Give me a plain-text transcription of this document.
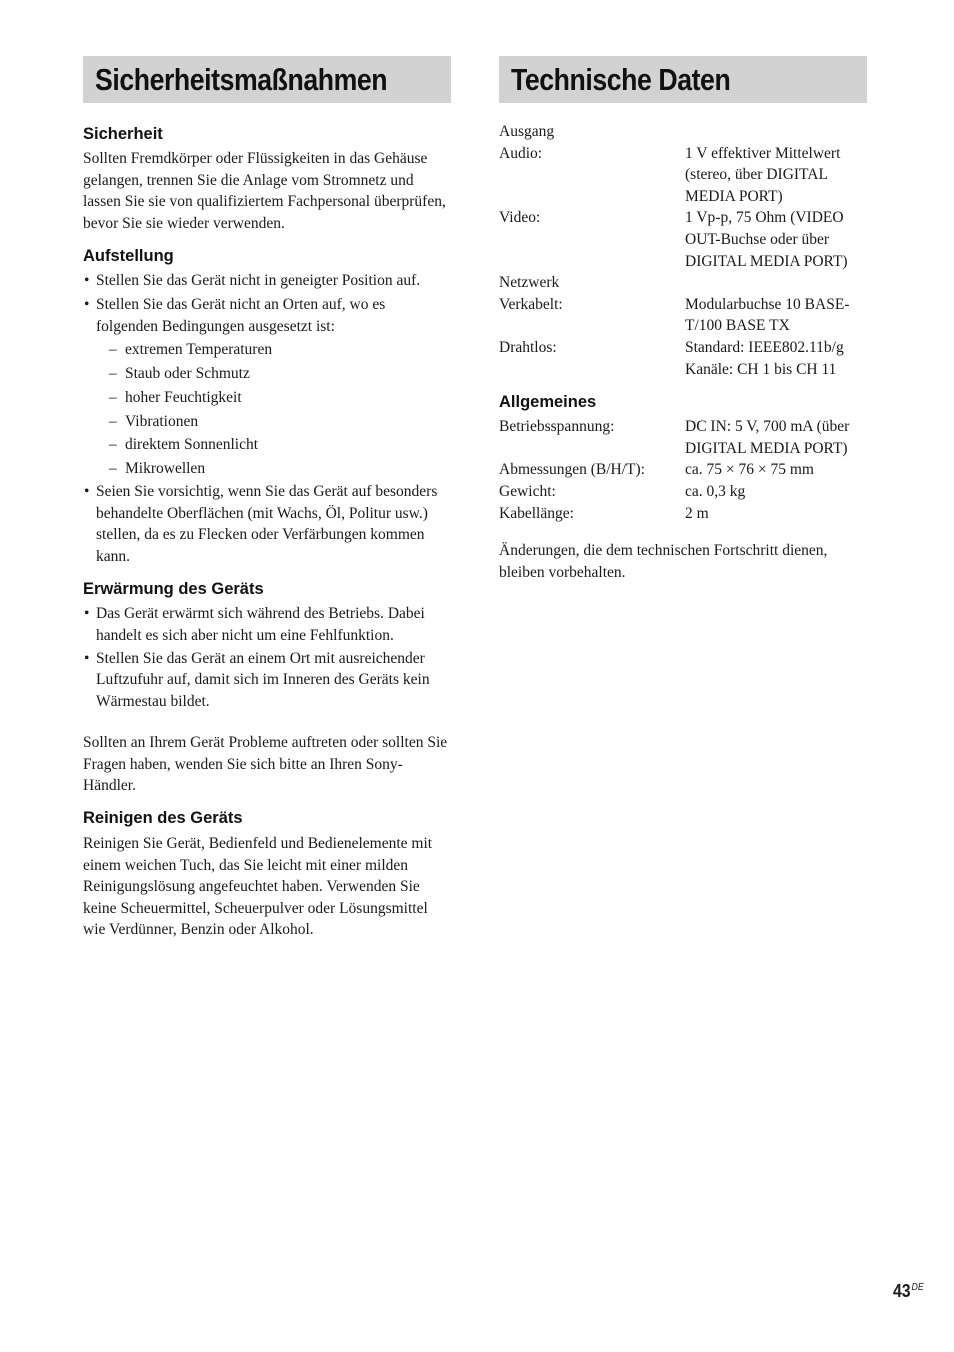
Sicherheitsmaßnahmen
Sicherheit

Sollten Fremdkörper oder Flüssigkeiten in das Gehäuse gelangen, trennen Sie die Anlage vom Stromnetz und lassen Sie sie von qualifiziertem Fachpersonal überprüfen, bevor Sie sie wieder verwenden.

Aufstellung
• Stellen Sie das Gerät nicht in geneigter Position auf.
• Stellen Sie das Gerät nicht an Orten auf, wo es folgenden Bedingungen ausgesetzt ist:
– extremen Temperaturen
– Staub oder Schmutz
– hoher Feuchtigkeit
– Vibrationen
– direktem Sonnenlicht
– Mikrowellen
• Seien Sie vorsichtig, wenn Sie das Gerät auf besonders behandelte Oberflächen (mit Wachs, Öl, Politur usw.) stellen, da es zu Flecken oder Verfärbungen kommen kann.
Erwärmung des Geräts
• Das Gerät erwärmt sich während des Betriebs. Dabei handelt es sich aber nicht um eine Fehlfunktion.
• Stellen Sie das Gerät an einem Ort mit ausreichender Luftzufuhr auf, damit sich im Inneren des Geräts kein Wärmestau bildet.

Sollten an Ihrem Gerät Probleme auftreten oder sollten Sie Fragen haben, wenden Sie sich bitte an Ihren Sony-Händler.

Reinigen des Geräts

Reinigen Sie Gerät, Bedienfeld und Bedienelemente mit einem weichen Tuch, das Sie leicht mit einer milden Reinigungslösung angefeuchtet haben. Verwenden Sie keine Scheuermittel, Scheuerpulver oder Lösungsmittel wie Verdünner, Benzin oder Alkohol.

Technische Daten

Ausgang

Audio:	1 V effektiver Mittelwert (stereo, über DIGITAL MEDIA PORT)
Video:	1 Vp-p, 75 Ohm (VIDEO OUT-Buchse oder über DIGITAL MEDIA PORT)

Netzwerk

Verkabelt:	Modularbuchse 10 BASE-T/100 BASE TX
Drahtlos:	Standard: IEEE802.11b/g Kanäle: CH 1 bis CH 11
Allgemeines
Betriebsspannung:	DC IN: 5 V, 700 mA (über DIGITAL MEDIA PORT)
Abmessungen (B/H/T):	ca. 75 × 76 × 75 mm
Gewicht:	ca. 0,3 kg
Kabellänge:	2 m

Änderungen, die dem technischen Fortschritt dienen, bleiben vorbehalten.

43DE
